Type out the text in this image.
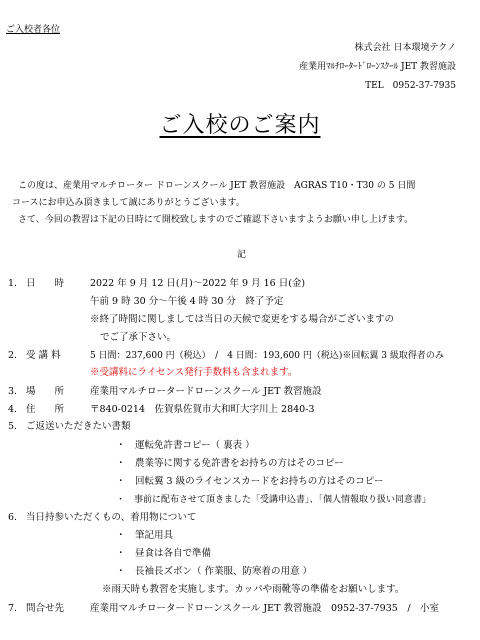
ご入校者各位
株式会社 日本環境テクノ
産業用ﾏﾙﾁﾛｰﾀｰﾄﾞﾛｰﾝｽｸｰﾙ JET 教習施設
TEL　0952-37-7935
ご入校のご案内
この度は、産業用マルチローター ドローンスクール JET 教習施設　AGRAS T10・T30 の 5 日間
コースにお申込み頂きまして誠にありがとうございます。
さて、今回の教習は下記の日時にて開校致しますのでご確認下さいますようお願い申し上げます。
記
1. 日　　時	2022 年 9 月 12 日(月)～2022 年 9 月 16 日(金)
午前 9 時 30 分～午後 4 時 30 分　終了予定
※終了時間に関しましては当日の天候で変更をする場合がございますの
でご了承下さい。
2. 受 講 料	5 日間：237,600 円（税込）　/　4 日間：193,600 円（税込)※回転翼 3 級取得者のみ
※受講料にライセンス発行手数料も含まれます。
3. 場　　所	産業用マルチロータードローンスクール JET 教習施設
4. 住　　所	〒840-0214　佐賀県佐賀市大和町大字川上 2840-3
5. ご返送いただきたい書類
・　運転免許書コピー（ 裏表 ）
・　農業等に関する免許書をお持ちの方はそのコピー
・　回転翼 3 級のライセンスカードをお持ちの方はそのコピー
・　事前に配布させて頂きました「受講申込書」、「個人情報取り扱い同意書」
6. 当日持参いただくもの、着用物について
・　筆記用具
・　昼食は各自で準備
・　長袖長ズボン（ 作業服、防寒着の用意 ）
※雨天時も教習を実施します。カッパや雨靴等の準備をお願いします。
7. 問合せ先	産業用マルチロータードローンスクール JET 教習施設　0952-37-7935　/　小室
